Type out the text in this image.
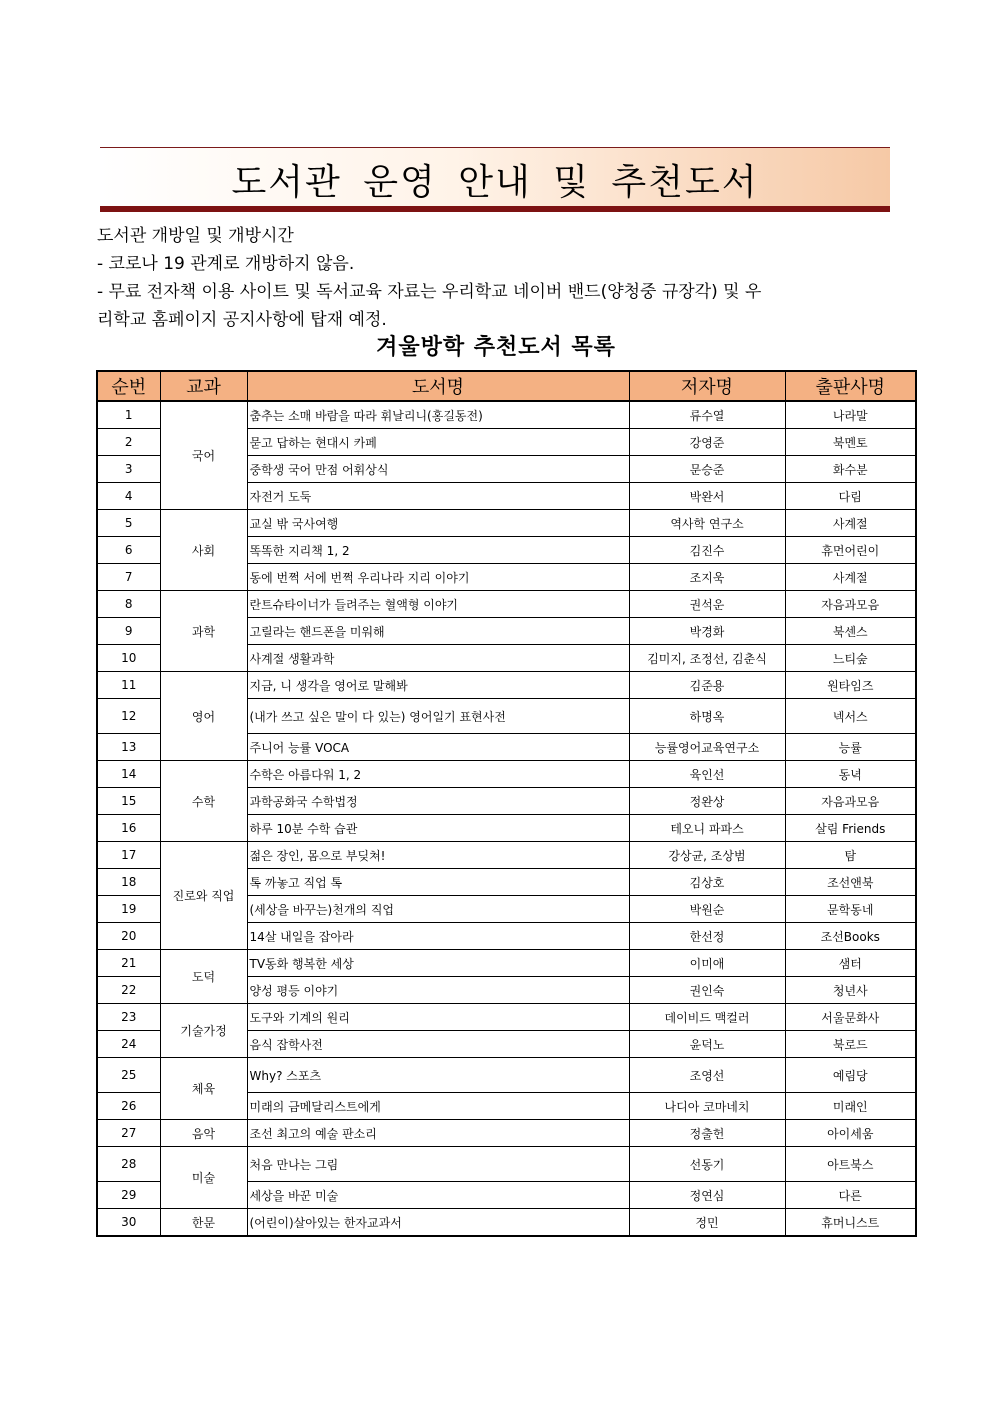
도서관 운영 안내 및 추천도서
도서관 개방일 및 개방시간
- 코로나 19 관계로 개방하지 않음.
- 무료 전자책 이용 사이트 및 독서교육 자료는 우리학교 네이버 밴드(양청중 규장각) 및 우
리학교 홈페이지 공지사항에 탑재 예정.
겨울방학 추천도서 목록
순번	교과	도서명	저자명	출판사명
1	국어	춤추는 소매 바람을 따라 휘날리니(홍길동전)	류수열	나라말
2		묻고 답하는 현대시 카페	강영준	북멘토
3		중학생 국어 만점 어휘상식	문승준	화수분
4		자전거 도둑	박완서	다림
5	사회	교실 밖 국사여행	역사학 연구소	사계절
6		똑똑한 지리책 1, 2	김진수	휴먼어린이
7		동에 번쩍 서에 번쩍 우리나라 지리 이야기	조지욱	사계절
8	과학	란트슈타이너가 들려주는 혈액형 이야기	권석운	자음과모음
9		고릴라는 핸드폰을 미워해	박경화	북센스
10		사계절 생활과학	김미지, 조정선, 김춘식	느티숲
11	영어	지금, 니 생각을 영어로 말해봐	김준용	원타임즈
12		(내가 쓰고 싶은 말이 다 있는) 영어일기 표현사전	하명옥	넥서스
13		주니어 능률 VOCA	능률영어교육연구소	능률
14	수학	수학은 아름다워 1, 2	육인선	동녁
15		과학공화국 수학법정	정완상	자음과모음
16		하루 10분 수학 습관	테오니 파파스	살림 Friends
17	진로와 직업	젊은 장인, 몸으로 부딪쳐!	강상균, 조상범	탐
18		톡 까놓고 직업 톡	김상호	조선앤북
19		(세상을 바꾸는)천개의 직업	박원순	문학동네
20		14살 내일을 잡아라	한선정	조선Books
21	도덕	TV동화 행복한 세상	이미애	샘터
22		양성 평등 이야기	권인숙	청년사
23	기술가정	도구와 기계의 원리	데이비드 맥컬러	서울문화사
24		음식 잡학사전	윤덕노	북로드
25	체육	Why? 스포츠	조영선	예림당
26		미래의 금메달리스트에게	나디아 코마네치	미래인
27	음악	조선 최고의 예술 판소리	정출헌	아이세움
28	미술	처음 만나는 그림	선동기	아트북스
29		세상을 바꾼 미술	정연심	다른
30	한문	(어린이)살아있는 한자교과서	정민	휴머니스트
